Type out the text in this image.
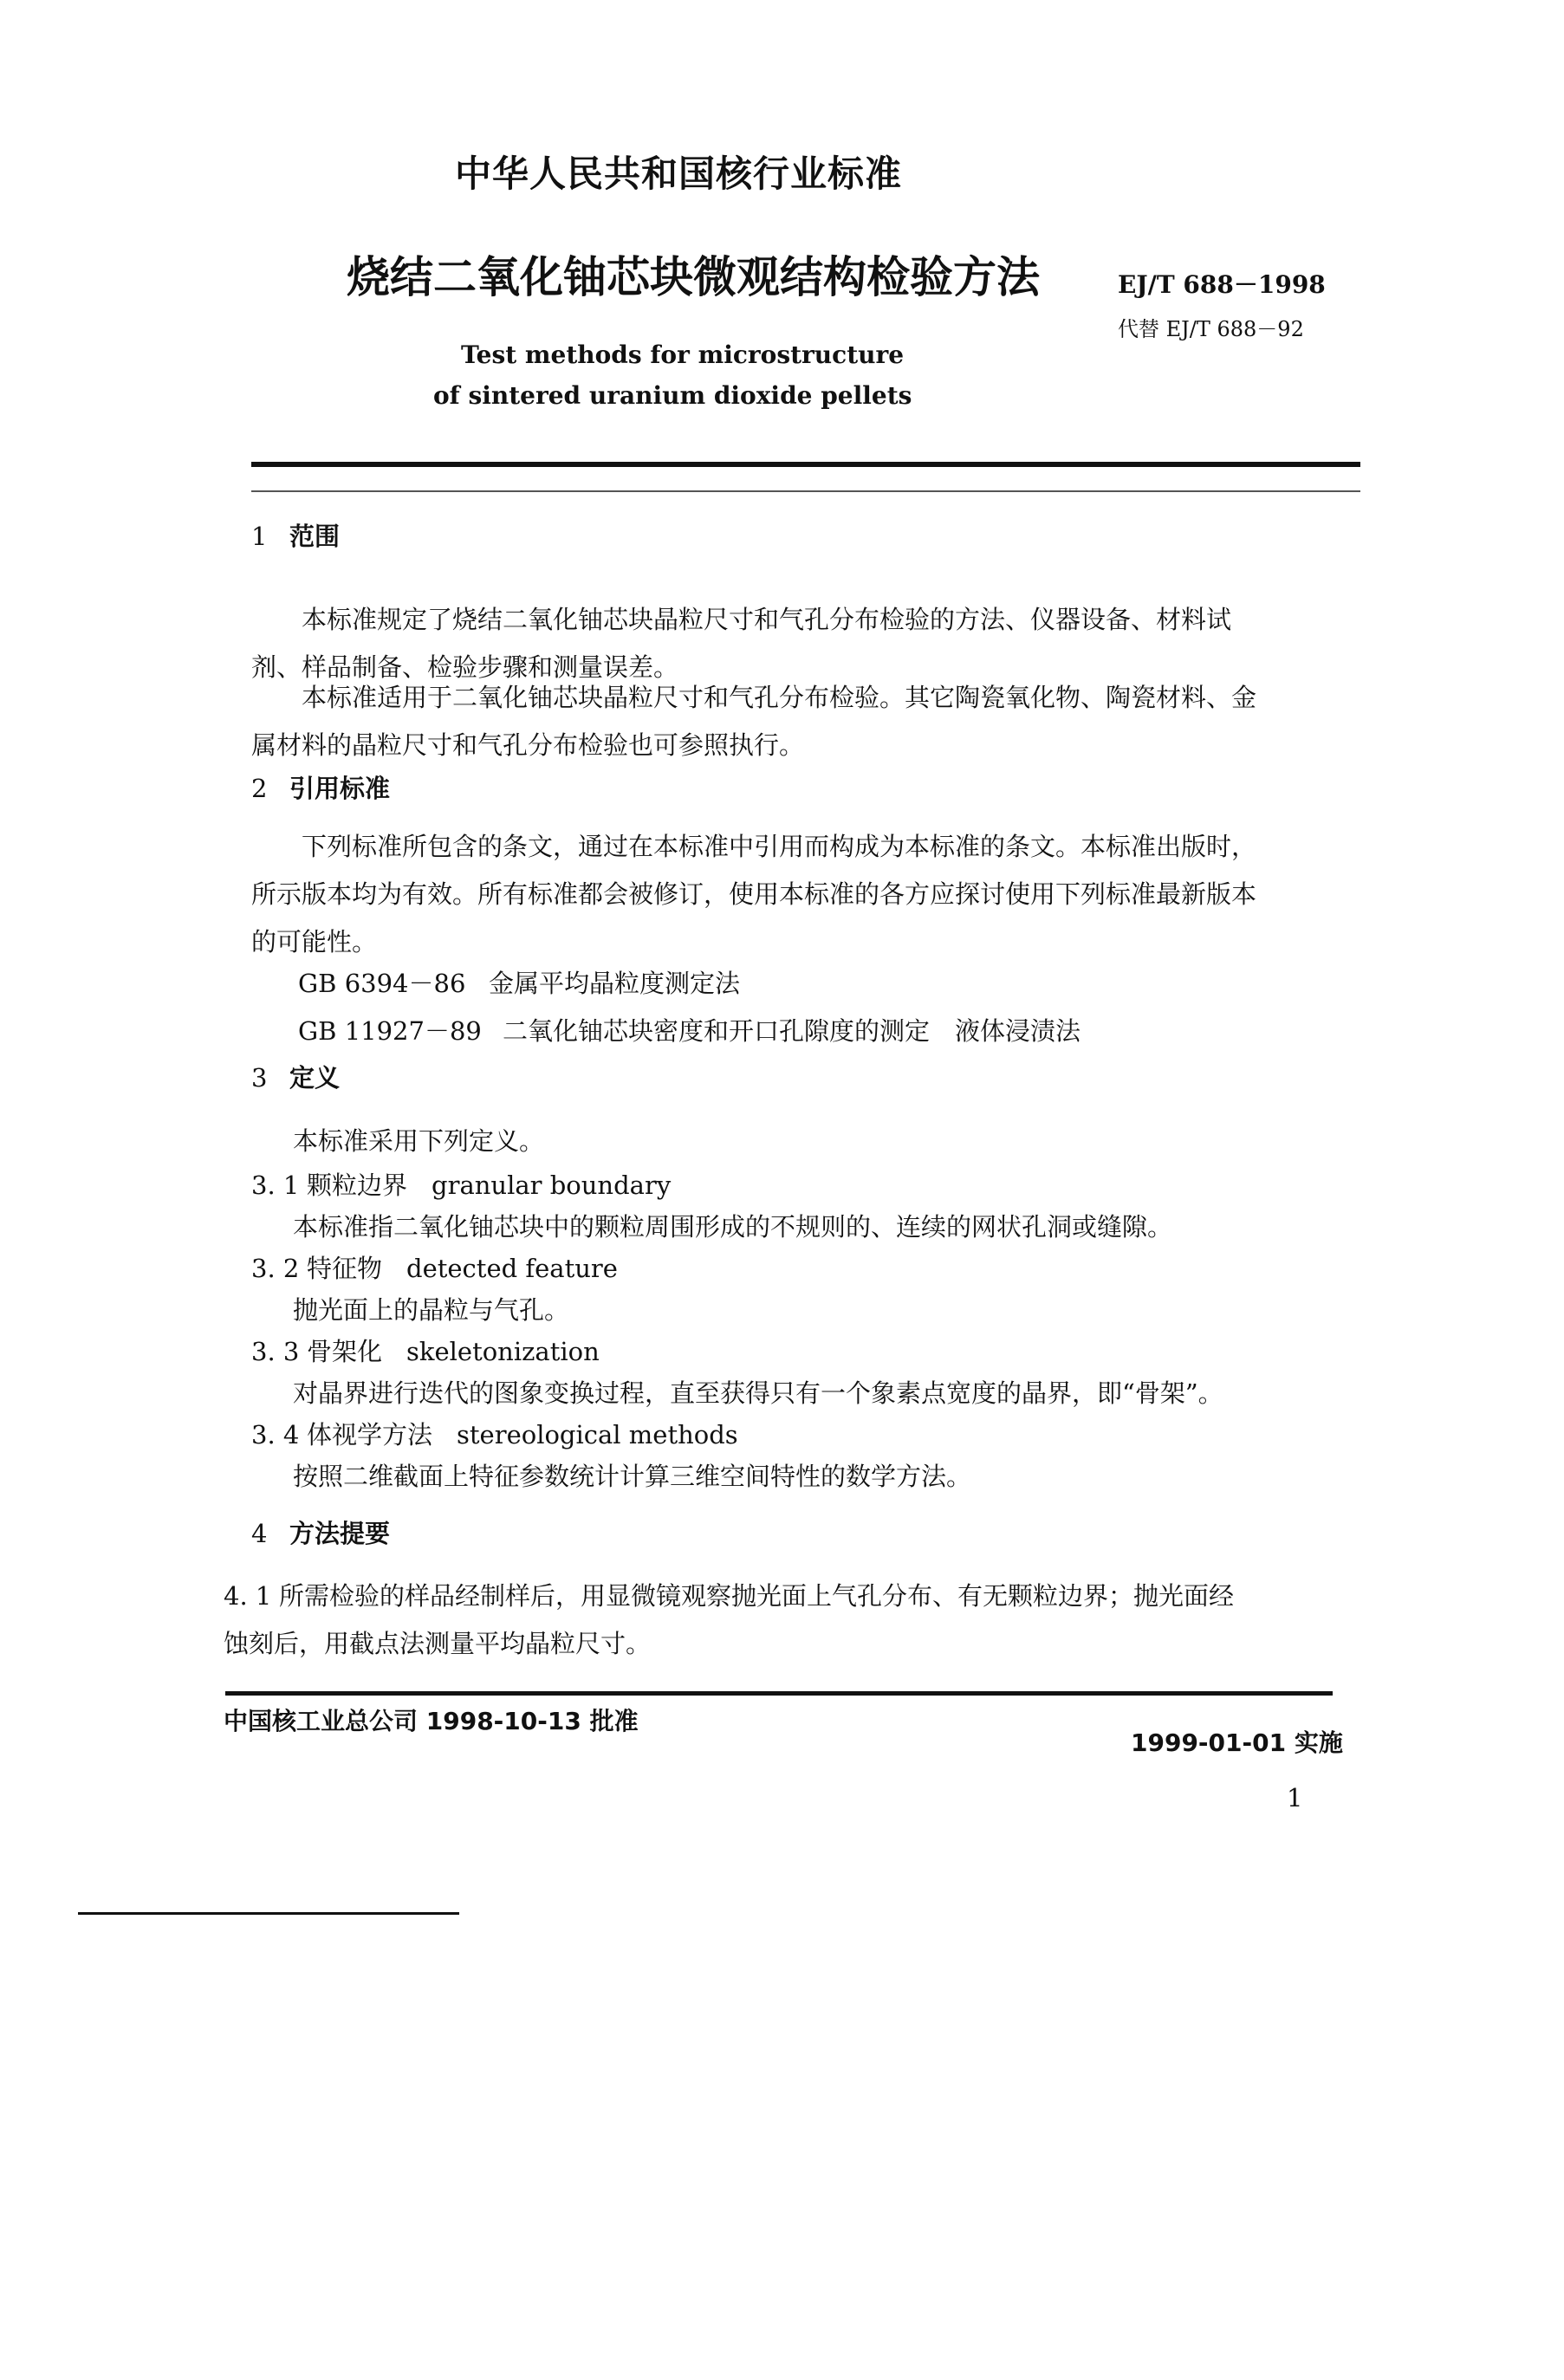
中华人民共和国核行业标准
烧结二氧化铀芯块微观结构检验方法	EJ/T 688－1998
代替 EJ/T 688－92
Test methods for microstructure
of sintered uranium dioxide pellets
1 范围
本标准规定了烧结二氧化铀芯块晶粒尺寸和气孔分布检验的方法、仪器设备、材料试
剂、样品制备、检验步骤和测量误差。
本标准适用于二氧化铀芯块晶粒尺寸和气孔分布检验。其它陶瓷氧化物、陶瓷材料、金
属材料的晶粒尺寸和气孔分布检验也可参照执行。
2 引用标准
下列标准所包含的条文，通过在本标准中引用而构成为本标准的条文。本标准出版时，
所示版本均为有效。所有标准都会被修订，使用本标准的各方应探讨使用下列标准最新版本
的可能性。
GB 6394－86 金属平均晶粒度测定法
GB 11927－89 二氧化铀芯块密度和开口孔隙度的测定　液体浸渍法
3 定义
本标准采用下列定义。
3. 1 颗粒边界 granular boundary
本标准指二氧化铀芯块中的颗粒周围形成的不规则的、连续的网状孔洞或缝隙。
3. 2 特征物 detected feature
抛光面上的晶粒与气孔。
3. 3 骨架化 skeletonization
对晶界进行迭代的图象变换过程，直至获得只有一个象素点宽度的晶界，即“骨架”。
3. 4 体视学方法 stereological methods
按照二维截面上特征参数统计计算三维空间特性的数学方法。
4 方法提要
4. 1 所需检验的样品经制样后，用显微镜观察抛光面上气孔分布、有无颗粒边界；抛光面经
蚀刻后，用截点法测量平均晶粒尺寸。
中国核工业总公司 1998-10-13 批准
1999-01-01 实施
1
